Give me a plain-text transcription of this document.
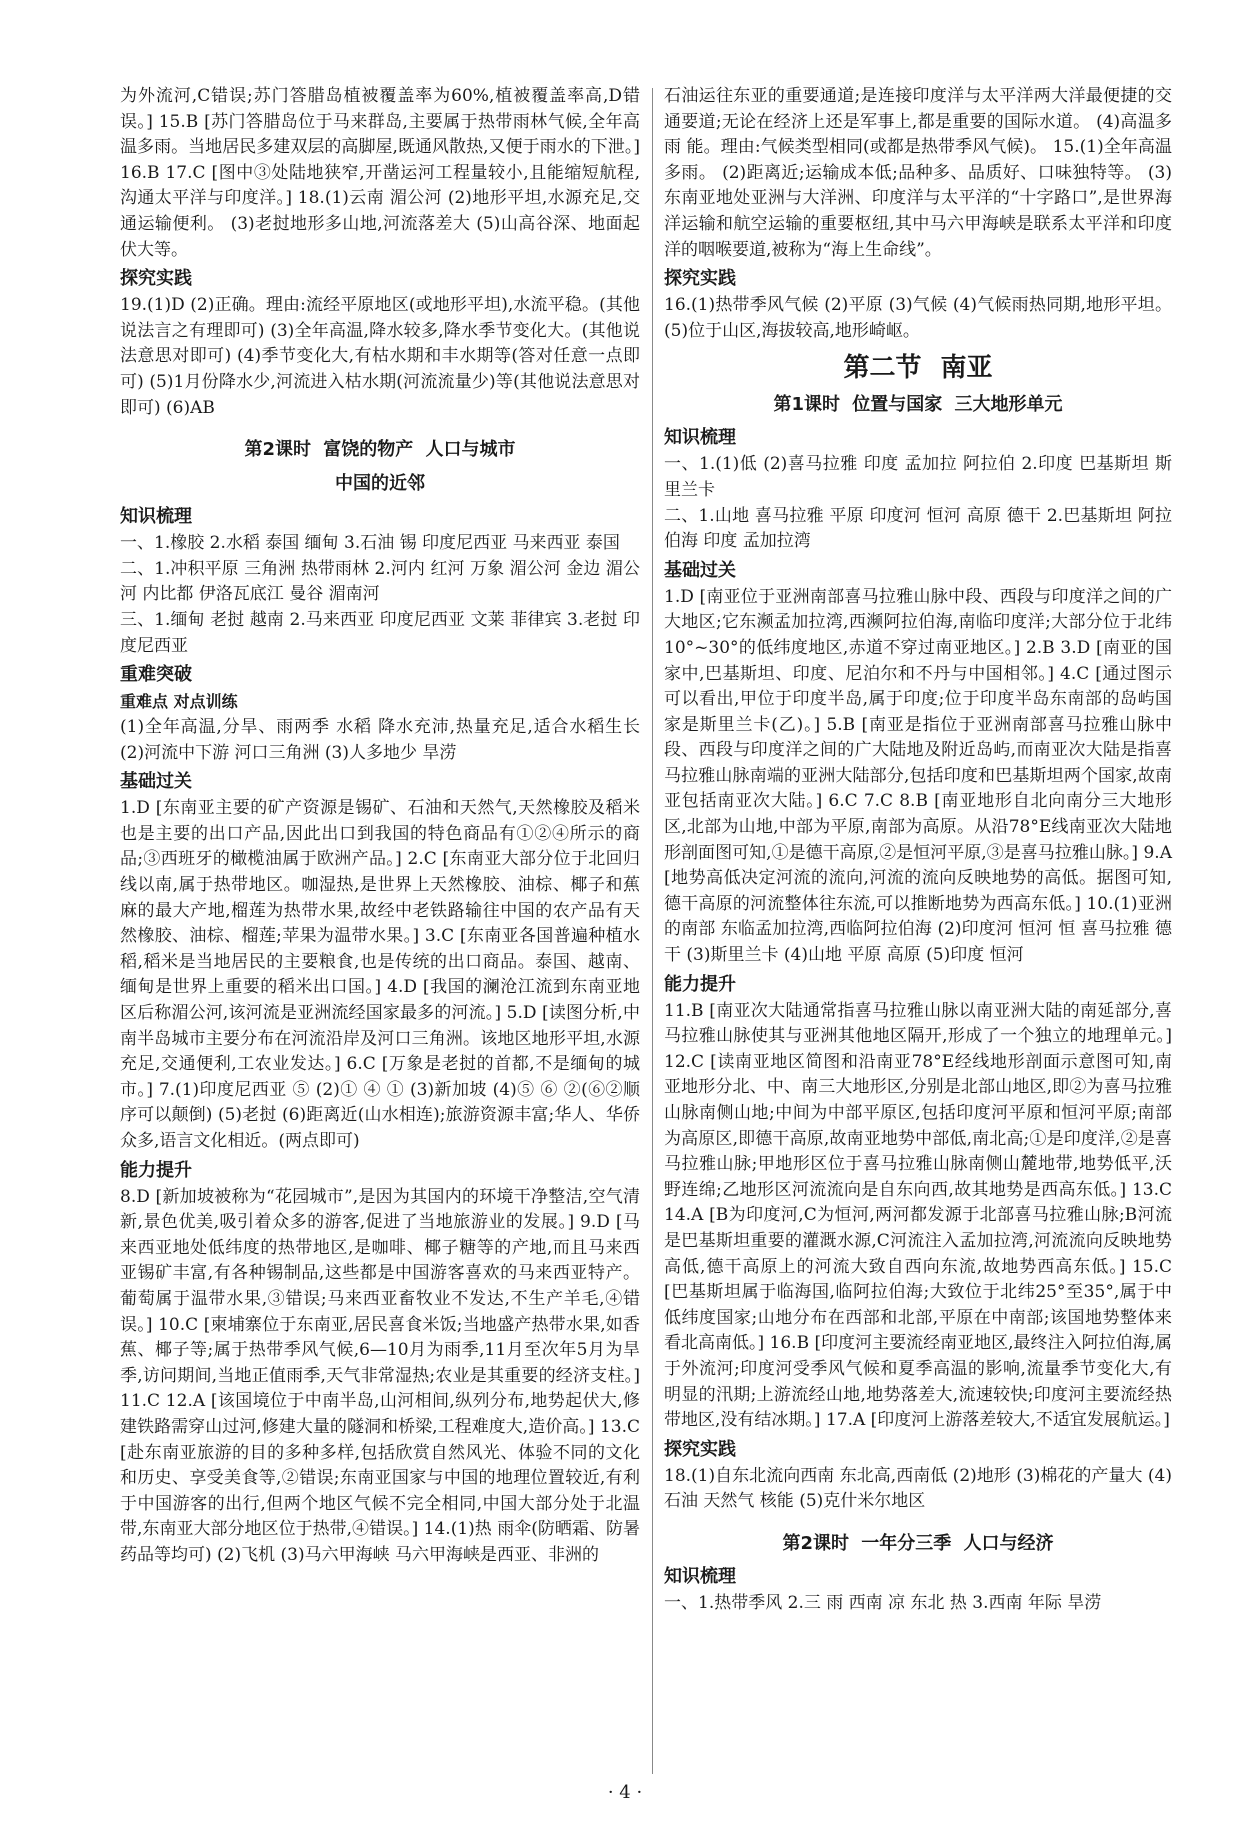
为外流河,C错误;苏门答腊岛植被覆盖率为60%,植被覆盖率高,D错误。] 15.B [苏门答腊岛位于马来群岛,主要属于热带雨林气候,全年高温多雨。当地居民多建双层的高脚屋,既通风散热,又便于雨水的下泄。] 16.B 17.C [图中③处陆地狭窄,开凿运河工程量较小,且能缩短航程,沟通太平洋与印度洋。] 18.(1)云南 湄公河 (2)地形平坦,水源充足,交通运输便利。 (3)老挝地形多山地,河流落差大 (5)山高谷深、地面起伏大等。

探究实践

19.(1)D (2)正确。理由:流经平原地区(或地形平坦),水流平稳。(其他说法言之有理即可) (3)全年高温,降水较多,降水季节变化大。(其他说法意思对即可) (4)季节变化大,有枯水期和丰水期等(答对任意一点即可) (5)1月份降水少,河流进入枯水期(河流流量少)等(其他说法意思对即可) (6)AB

第2课时 富饶的物产 人口与城市
中国的近邻
知识梳理

一、1.橡胶 2.水稻 泰国 缅甸 3.石油 锡 印度尼西亚 马来西亚 泰国

二、1.冲积平原 三角洲 热带雨林 2.河内 红河 万象 湄公河 金边 湄公河 内比都 伊洛瓦底江 曼谷 湄南河

三、1.缅甸 老挝 越南 2.马来西亚 印度尼西亚 文莱 菲律宾 3.老挝 印度尼西亚

重难突破
重难点 对点训练

(1)全年高温,分旱、雨两季 水稻 降水充沛,热量充足,适合水稻生长 (2)河流中下游 河口三角洲 (3)人多地少 旱涝

基础过关

1.D [东南亚主要的矿产资源是锡矿、石油和天然气,天然橡胶及稻米也是主要的出口产品,因此出口到我国的特色商品有①②④所示的商品;③西班牙的橄榄油属于欧洲产品。] 2.C [东南亚大部分位于北回归线以南,属于热带地区。咖湿热,是世界上天然橡胶、油棕、椰子和蕉麻的最大产地,榴莲为热带水果,故经中老铁路输往中国的农产品有天然橡胶、油棕、榴莲;苹果为温带水果。] 3.C [东南亚各国普遍种植水稻,稻米是当地居民的主要粮食,也是传统的出口商品。泰国、越南、缅甸是世界上重要的稻米出口国。] 4.D [我国的澜沧江流到东南亚地区后称湄公河,该河流是亚洲流经国家最多的河流。] 5.D [读图分析,中南半岛城市主要分布在河流沿岸及河口三角洲。该地区地形平坦,水源充足,交通便利,工农业发达。] 6.C [万象是老挝的首都,不是缅甸的城市。] 7.(1)印度尼西亚 ⑤ (2)① ④ ① (3)新加坡 (4)⑤ ⑥ ②(⑥②顺序可以颠倒) (5)老挝 (6)距离近(山水相连);旅游资源丰富;华人、华侨众多,语言文化相近。(两点即可)

能力提升

8.D [新加坡被称为“花园城市”,是因为其国内的环境干净整洁,空气清新,景色优美,吸引着众多的游客,促进了当地旅游业的发展。] 9.D [马来西亚地处低纬度的热带地区,是咖啡、椰子糖等的产地,而且马来西亚锡矿丰富,有各种锡制品,这些都是中国游客喜欢的马来西亚特产。葡萄属于温带水果,③错误;马来西亚畜牧业不发达,不生产羊毛,④错误。] 10.C [柬埔寨位于东南亚,居民喜食米饭;当地盛产热带水果,如香蕉、椰子等;属于热带季风气候,6—10月为雨季,11月至次年5月为旱季,访问期间,当地正值雨季,天气非常湿热;农业是其重要的经济支柱。] 11.C 12.A [该国境位于中南半岛,山河相间,纵列分布,地势起伏大,修建铁路需穿山过河,修建大量的隧洞和桥梁,工程难度大,造价高。] 13.C [赴东南亚旅游的目的多种多样,包括欣赏自然风光、体验不同的文化和历史、享受美食等,②错误;东南亚国家与中国的地理位置较近,有利于中国游客的出行,但两个地区气候不完全相同,中国大部分处于北温带,东南亚大部分地区位于热带,④错误。] 14.(1)热 雨伞(防晒霜、防暑药品等均可) (2)飞机 (3)马六甲海峡 马六甲海峡是西亚、非洲的

石油运往东亚的重要通道;是连接印度洋与太平洋两大洋最便捷的交通要道;无论在经济上还是军事上,都是重要的国际水道。 (4)高温多雨 能。理由:气候类型相同(或都是热带季风气候)。 15.(1)全年高温多雨。 (2)距离近;运输成本低;品种多、品质好、口味独特等。 (3)东南亚地处亚洲与大洋洲、印度洋与太平洋的“十字路口”,是世界海洋运输和航空运输的重要枢纽,其中马六甲海峡是联系太平洋和印度洋的咽喉要道,被称为“海上生命线”。

探究实践

16.(1)热带季风气候 (2)平原 (3)气候 (4)气候雨热同期,地形平坦。 (5)位于山区,海拔较高,地形崎岖。

第二节 南亚
第1课时 位置与国家 三大地形单元
知识梳理

一、1.(1)低 (2)喜马拉雅 印度 孟加拉 阿拉伯 2.印度 巴基斯坦 斯里兰卡

二、1.山地 喜马拉雅 平原 印度河 恒河 高原 德干 2.巴基斯坦 阿拉伯海 印度 孟加拉湾

基础过关

1.D [南亚位于亚洲南部喜马拉雅山脉中段、西段与印度洋之间的广大地区;它东濒孟加拉湾,西濒阿拉伯海,南临印度洋;大部分位于北纬10°~30°的低纬度地区,赤道不穿过南亚地区。] 2.B 3.D [南亚的国家中,巴基斯坦、印度、尼泊尔和不丹与中国相邻。] 4.C [通过图示可以看出,甲位于印度半岛,属于印度;位于印度半岛东南部的岛屿国家是斯里兰卡(乙)。] 5.B [南亚是指位于亚洲南部喜马拉雅山脉中段、西段与印度洋之间的广大陆地及附近岛屿,而南亚次大陆是指喜马拉雅山脉南端的亚洲大陆部分,包括印度和巴基斯坦两个国家,故南亚包括南亚次大陆。] 6.C 7.C 8.B [南亚地形自北向南分三大地形区,北部为山地,中部为平原,南部为高原。从沿78°E线南亚次大陆地形剖面图可知,①是德干高原,②是恒河平原,③是喜马拉雅山脉。] 9.A [地势高低决定河流的流向,河流的流向反映地势的高低。据图可知,德干高原的河流整体往东流,可以推断地势为西高东低。] 10.(1)亚洲的南部 东临孟加拉湾,西临阿拉伯海 (2)印度河 恒河 恒 喜马拉雅 德干 (3)斯里兰卡 (4)山地 平原 高原 (5)印度 恒河

能力提升

11.B [南亚次大陆通常指喜马拉雅山脉以南亚洲大陆的南延部分,喜马拉雅山脉使其与亚洲其他地区隔开,形成了一个独立的地理单元。] 12.C [读南亚地区简图和沿南亚78°E经线地形剖面示意图可知,南亚地形分北、中、南三大地形区,分别是北部山地区,即②为喜马拉雅山脉南侧山地;中间为中部平原区,包括印度河平原和恒河平原;南部为高原区,即德干高原,故南亚地势中部低,南北高;①是印度洋,②是喜马拉雅山脉;甲地形区位于喜马拉雅山脉南侧山麓地带,地势低平,沃野连绵;乙地形区河流流向是自东向西,故其地势是西高东低。] 13.C 14.A [B为印度河,C为恒河,两河都发源于北部喜马拉雅山脉;B河流是巴基斯坦重要的灌溉水源,C河流注入孟加拉湾,河流流向反映地势高低,德干高原上的河流大致自西向东流,故地势西高东低。] 15.C [巴基斯坦属于临海国,临阿拉伯海;大致位于北纬25°至35°,属于中低纬度国家;山地分布在西部和北部,平原在中南部;该国地势整体来看北高南低。] 16.B [印度河主要流经南亚地区,最终注入阿拉伯海,属于外流河;印度河受季风气候和夏季高温的影响,流量季节变化大,有明显的汛期;上游流经山地,地势落差大,流速较快;印度河主要流经热带地区,没有结冰期。] 17.A [印度河上游落差较大,不适宜发展航运。]

探究实践

18.(1)自东北流向西南 东北高,西南低 (2)地形 (3)棉花的产量大 (4)石油 天然气 核能 (5)克什米尔地区

第2课时 一年分三季 人口与经济
知识梳理

一、1.热带季风 2.三 雨 西南 凉 东北 热 3.西南 年际 旱涝

· 4 ·
